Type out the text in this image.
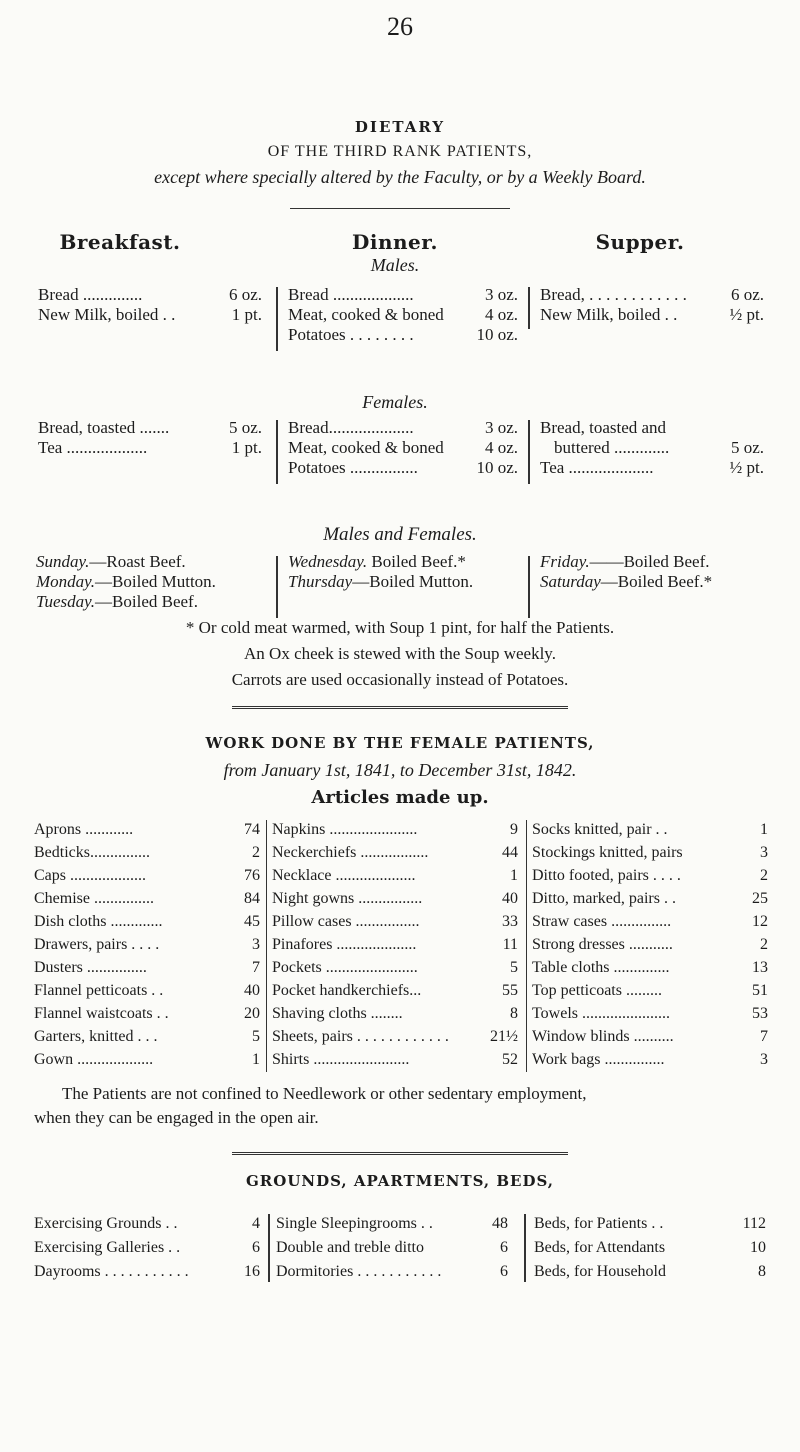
26
DIETARY
OF THE THIRD RANK PATIENTS,
except where specially altered by the Faculty, or by a Weekly Board.
Breakfast.	Dinner.	Supper.
Males.
Bread ..............	6 oz.
New Milk, boiled . .	1 pt.
Bread ...................	3 oz.
Meat, cooked & boned 4 oz.
Potatoes . . . . . . . .	10 oz.
Bread, . . . . . . . . . . . .	6 oz.
New Milk, boiled . .	½ pt.
Females.
Bread, toasted .......	5 oz.
Tea ...................	1 pt.
Bread....................	3 oz.
Meat, cooked & boned 4 oz.
Potatoes ................	10 oz.
Bread, toasted and
buttered .............	5 oz.
Tea ....................	½ pt.
Males and Females.
Sunday.—Roast Beef.
Monday.—Boiled Mutton.
Tuesday.—Boiled Beef.
Wednesday. Boiled Beef.*
Thursday—Boiled Mutton.
Friday.——Boiled Beef.
Saturday—Boiled Beef.*
* Or cold meat warmed, with Soup 1 pint, for half the Patients.
An Ox cheek is stewed with the Soup weekly.
Carrots are used occasionally instead of Potatoes.
WORK DONE BY THE FEMALE PATIENTS,
from January 1st, 1841, to December 31st, 1842.
Articles made up.
Aprons ............	74
Bedticks...............	2
Caps ...................	76
Chemise ...............	84
Dish cloths .............	45
Drawers, pairs . . . .	3
Dusters ...............	7
Flannel petticoats . .	40
Flannel waistcoats . .	20
Garters, knitted . . .	5
Gown ...................	1
Napkins ......................	9
Neckerchiefs .................	44
Necklace ....................	1
Night gowns ................	40
Pillow cases ................	33
Pinafores ....................	11
Pockets .......................	5
Pocket handkerchiefs...	55
Shaving cloths ........	8
Sheets, pairs . . . . . . . . . . . .	21½
Shirts ........................	52
Socks knitted, pair . .	1
Stockings knitted, pairs	3
Ditto footed, pairs . . . .	2
Ditto, marked, pairs . .	25
Straw cases ...............	12
Strong dresses ...........	2
Table cloths ..............	13
Top petticoats .........	51
Towels ......................	53
Window blinds ..........	7
Work bags ...............	3
The Patients are not confined to Needlework or other sedentary employment,
when they can be engaged in the open air.
GROUNDS, APARTMENTS, BEDS,
Exercising Grounds . .	4
Exercising Galleries . .	6
Dayrooms . . . . . . . . . . .	16
Single Sleepingrooms . .	48
Double and treble ditto	6
Dormitories . . . . . . . . . . .	6
Beds, for Patients . .	112
Beds, for Attendants	10
Beds, for Household	8
